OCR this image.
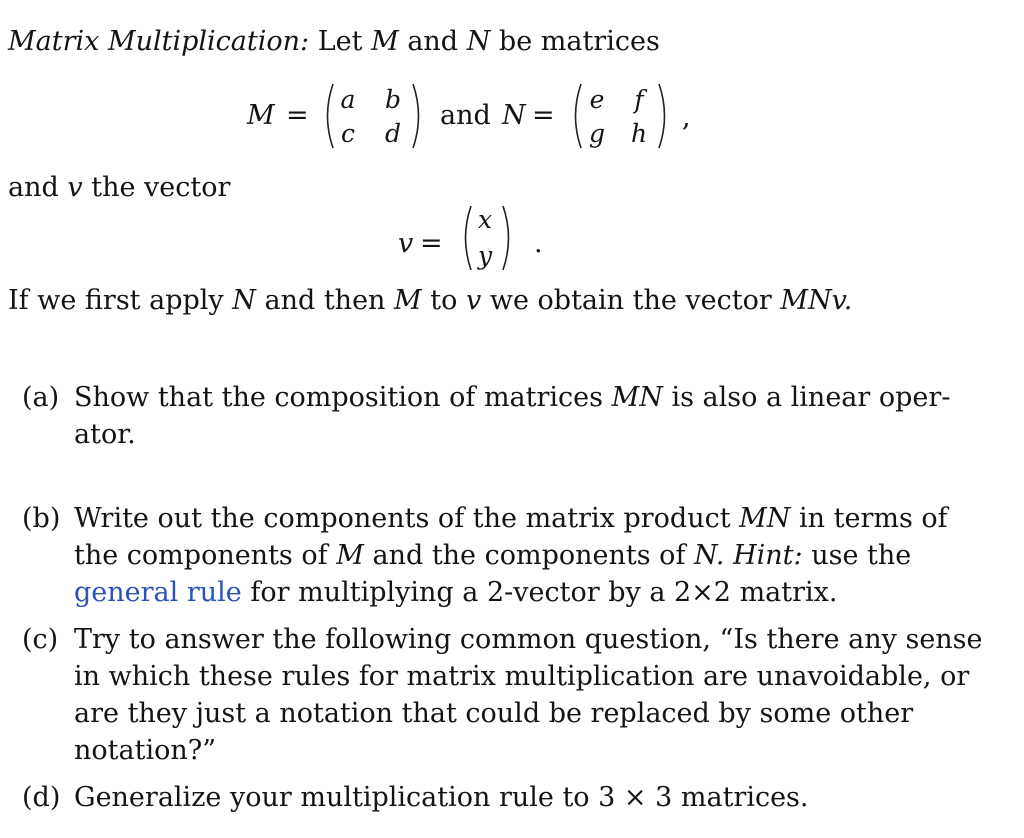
Matrix Multiplication: Let M and N be matrices
M =
a	b
c	d
and N =
e	f
g h
,
and v the vector
v =
x
y .
If we first apply N and then M to v we obtain the vector MNv.
(a) Show that the composition of matrices MN is also a linear oper-
ator.
(b) Write out the components of the matrix product MN in terms of
the components of M and the components of N. Hint: use the
general rule for multiplying a 2-vector by a 2×2 matrix.
(c) Try to answer the following common question, “Is there any sense
in which these rules for matrix multiplication are unavoidable, or
are they just a notation that could be replaced by some other
notation?”
(d) Generalize your multiplication rule to 3 × 3 matrices.
